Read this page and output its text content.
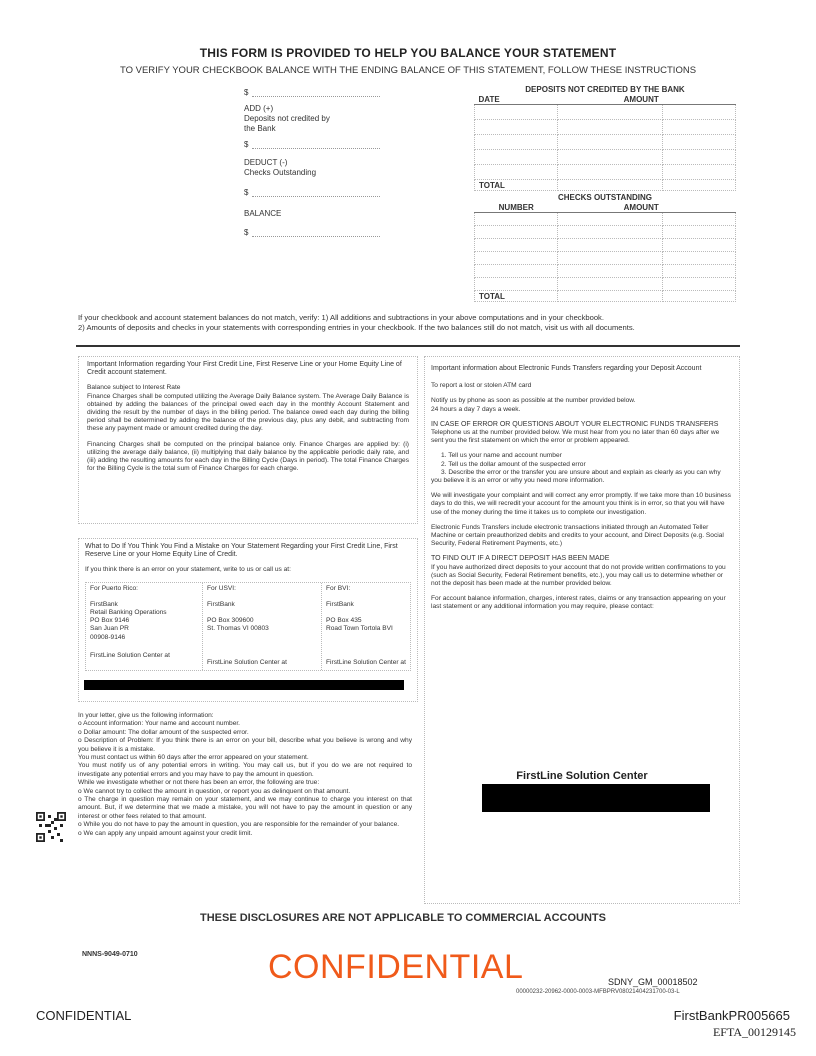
THIS FORM IS PROVIDED TO HELP YOU BALANCE YOUR STATEMENT
TO VERIFY YOUR CHECKBOOK BALANCE WITH THE ENDING BALANCE OF THIS STATEMENT, FOLLOW THESE INSTRUCTIONS
$
ADD (+)
Deposits not credited by the Bank
$
DEDUCT (-)
Checks Outstanding
$
BALANCE
$
DEPOSITS NOT CREDITED BY THE BANK		
DATE	AMOUNT	

TOTAL		
CHECKS OUTSTANDING		
NUMBER	AMOUNT	

TOTAL		
If your checkbook and account statement balances do not match, verify: 1) All additions and subtractions in your above computations and in your checkbook.
2) Amounts of deposits and checks in your statements with corresponding entries in your checkbook. If the two balances still do not match, visit us with all documents.

Important Information regarding Your First Credit Line, First Reserve Line or your Home Equity Line of Credit account statement.

Balance subject to Interest Rate

Finance Charges shall be computed utilizing the Average Daily Balance system. The Average Daily Balance is obtained by adding the balances of the principal owed each day in the monthly Account Statement and dividing the result by the number of days in the billing period. The balance owed each day during the billing period shall be determined by adding the balance of the previous day, plus any debit, and subtracting from these any payment made or amount credited during the day.

Financing Charges shall be computed on the principal balance only. Finance Charges are applied by: (i) utilizing the average daily balance, (ii) multiplying that daily balance by the applicable periodic daily rate, and (iii) adding the resulting amounts for each day in the Billing Cycle (Days in period). The total Finance Charges for the Billing Cycle is the total sum of Finance Charges for each charge.

What to Do If You Think You Find a Mistake on Your Statement Regarding your First Credit Line, First Reserve Line or your Home Equity Line of Credit.

If you think there is an error on your statement, write to us or call us at:

For Puerto Rico:
FirstBank
Retail Banking Operations
PO Box 9146
San Juan PR
00908-9146
FirstLine Solution Center at
For USVI:
FirstBank
PO Box 309600
St. Thomas VI 00803
FirstLine Solution Center at
For BVI:
FirstBank
PO Box 435
Road Town Tortola BVI
FirstLine Solution Center at
In your letter, give us the following information:
o Account information: Your name and account number.
o Dollar amount: The dollar amount of the suspected error.
o Description of Problem: If you think there is an error on your bill, describe what you believe is wrong and why you believe it is a mistake.
You must contact us within 60 days after the error appeared on your statement.
You must notify us of any potential errors in writing. You may call us, but if you do we are not required to investigate any potential errors and you may have to pay the amount in question.
While we investigate whether or not there has been an error, the following are true:
o We cannot try to collect the amount in question, or report you as delinquent on that amount.
o The charge in question may remain on your statement, and we may continue to charge you interest on that amount. But, if we determine that we made a mistake, you will not have to pay the amount in question or any interest or other fees related to that amount.
o While you do not have to pay the amount in question, you are responsible for the remainder of your balance.
o We can apply any unpaid amount against your credit limit.

Important information about Electronic Funds Transfers regarding your Deposit Account

To report a lost or stolen ATM card

Notify us by phone as soon as possible at the number provided below.

24 hours a day 7 days a week.

IN CASE OF ERROR OR QUESTIONS ABOUT YOUR ELECTRONIC FUNDS TRANSFERS

Telephone us at the number provided below. We must hear from you no later than 60 days after we sent you the first statement on which the error or problem appeared.

1. Tell us your name and account number

2. Tell us the dollar amount of the suspected error

3. Describe the error or the transfer you are unsure about and explain as clearly as you can why you believe it is an error or why you need more information.

We will investigate your complaint and will correct any error promptly. If we take more than 10 business days to do this, we will recredit your account for the amount you think is in error, so that you will have use of the money during the time it takes us to complete our investigation.

Electronic Funds Transfers include electronic transactions initiated through an Automated Teller Machine or certain preauthorized debits and credits to your account, and Direct Deposits (e.g. Social Security, Federal Retirement Payments, etc.)

TO FIND OUT IF A DIRECT DEPOSIT HAS BEEN MADE

If you have authorized direct deposits to your account that do not provide written confirmations to you (such as Social Security, Federal Retirement benefits, etc.), you may call us to determine whether or not the deposit has been made at the number provided below.

For account balance information, charges, interest rates, claims or any transaction appearing on your last statement or any additional information you may require, please contact:

FirstLine Solution Center
THESE DISCLOSURES ARE NOT APPLICABLE TO COMMERCIAL ACCOUNTS
NNNS-9049-0710	CONFIDENTIAL	SDNY_GM_00018502
00000232-20962-0000-0003-MFBPRV08021404231700-03-L
CONFIDENTIAL	FirstBankPR005665
EFTA_00129145
